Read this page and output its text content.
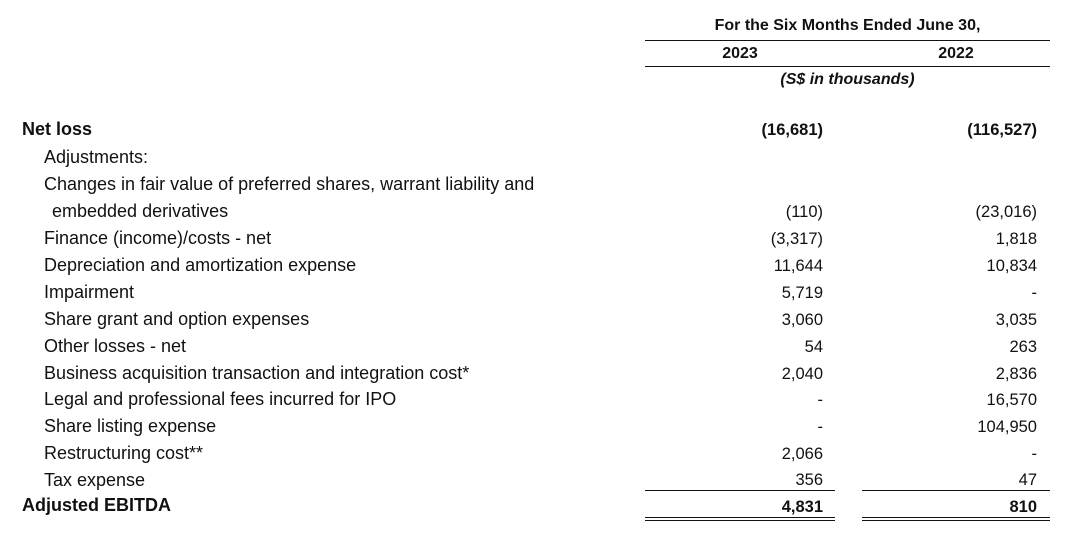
For the Six Months Ended June 30,
2023	2022
(S$ in thousands)
Net loss	(16,681)	(116,527)
Adjustments:
Changes in fair value of preferred shares, warrant liability and
embedded derivatives	(110)	(23,016)
Finance (income)/costs - net	(3,317)	1,818
Depreciation and amortization expense	11,644	10,834
Impairment	5,719	-
Share grant and option expenses	3,060	3,035
Other losses - net	54	263
Business acquisition transaction and integration cost*	2,040	2,836
Legal and professional fees incurred for IPO	-	16,570
Share listing expense	-	104,950
Restructuring cost**	2,066	-
Tax expense	356	47
Adjusted EBITDA	4,831	810
